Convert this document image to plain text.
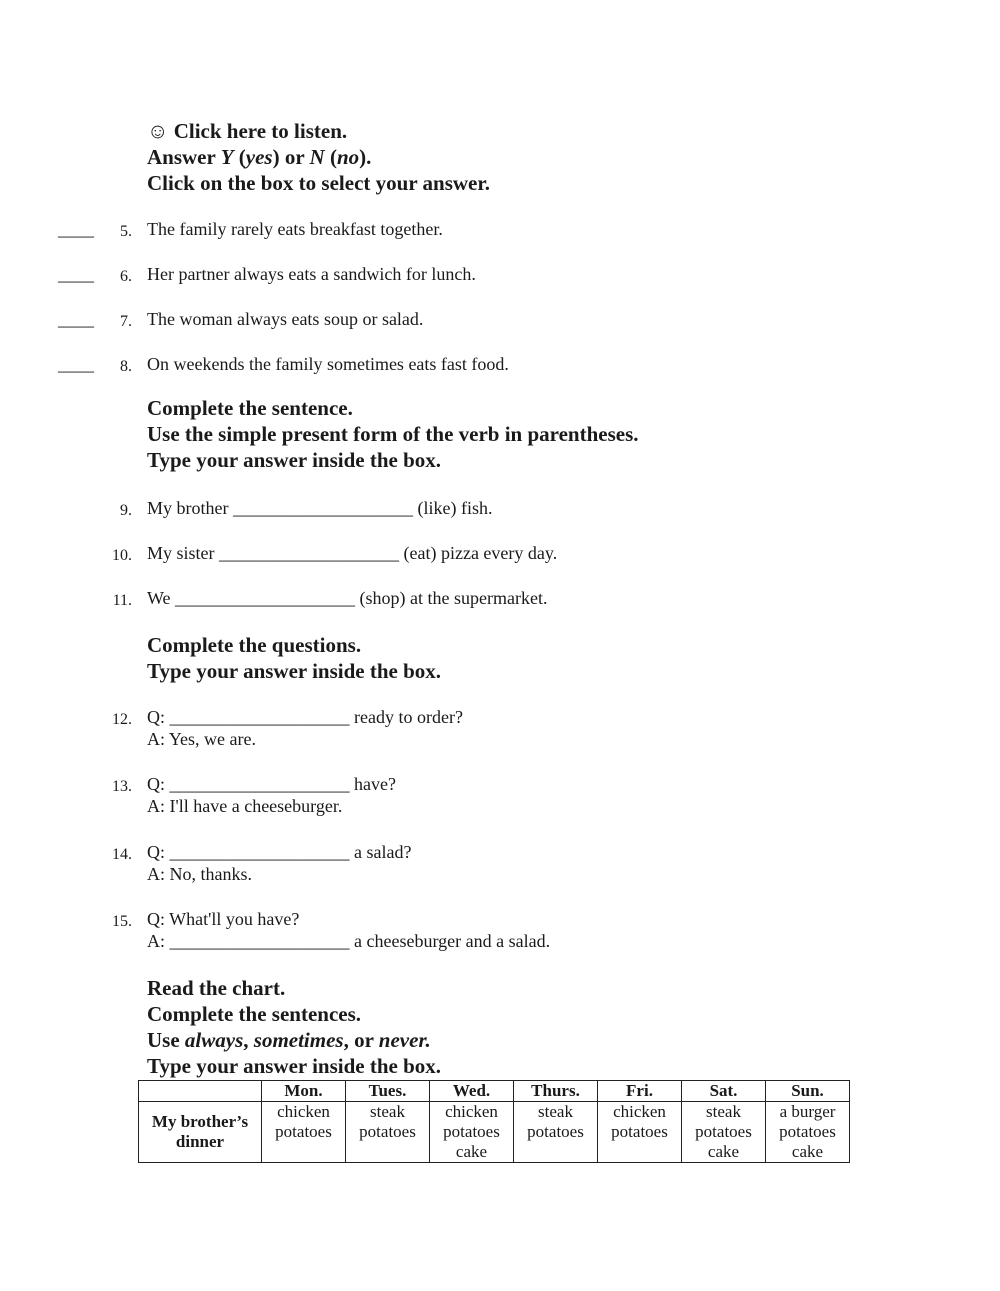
☺ Click here to listen.
Answer Y (yes) or N (no).
Click on the box to select your answer.
____	5. The family rarely eats breakfast together.
____	6. Her partner always eats a sandwich for lunch.
____	7. The woman always eats soup or salad.
____	8. On weekends the family sometimes eats fast food.
Complete the sentence.
Use the simple present form of the verb in parentheses.
Type your answer inside the box.
9. My brother ____________________ (like) fish.
10. My sister ____________________ (eat) pizza every day.
11. We ____________________ (shop) at the supermarket.
Complete the questions.
Type your answer inside the box.
12. Q: ____________________ ready to order?
A: Yes, we are.
13. Q: ____________________ have?
A: I'll have a cheeseburger.
14. Q: ____________________ a salad?
A: No, thanks.
15. Q: What'll you have?
A: ____________________ a cheeseburger and a salad.
Read the chart.
Complete the sentences.
Use always, sometimes, or never.
Type your answer inside the box.
	Mon.	Tues.	Wed.	Thurs.	Fri.	Sat.	Sun.

My brother’s
dinner	chicken
potatoes	steak
potatoes	chicken
potatoes
cake	steak
potatoes	chicken
potatoes	steak
potatoes
cake	a burger
potatoes
cake
